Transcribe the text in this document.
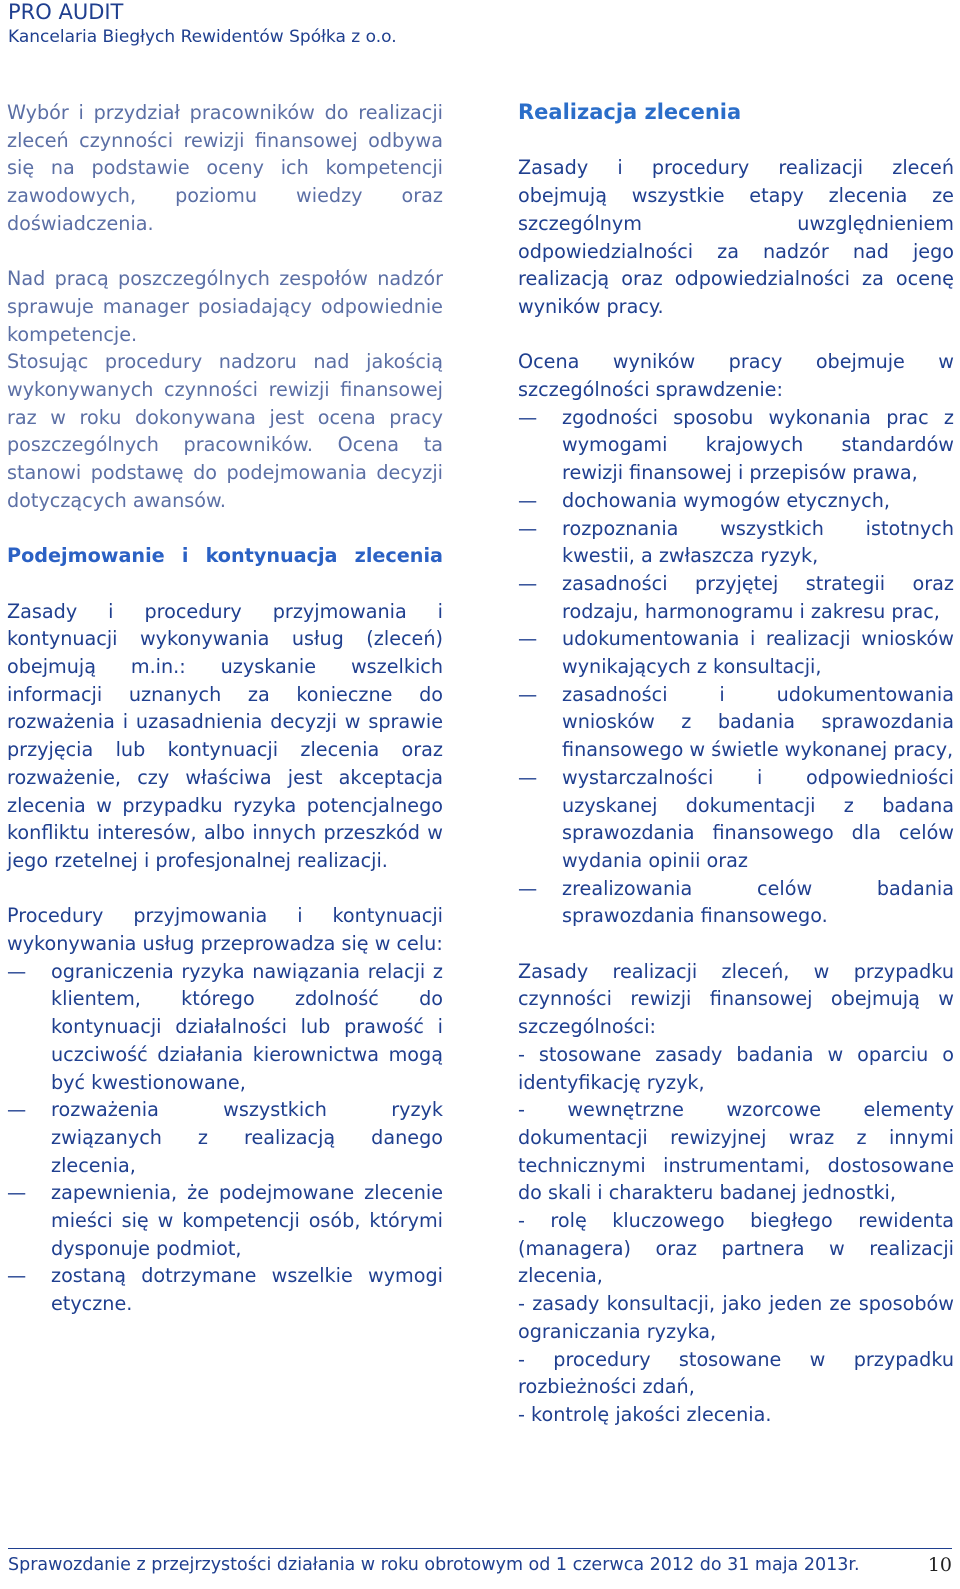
PRO AUDIT
Kancelaria Biegłych Rewidentów Spółka z o.o.

Wybór i przydział pracowników do realizacji zleceń czynności rewizji finansowej odbywa się na podstawie oceny ich kompetencji zawodowych, poziomu wiedzy oraz doświadczenia.

Nad pracą poszczególnych zespołów nadzór sprawuje manager posiadający odpowiednie kompetencje.

Stosując procedury nadzoru nad jakością wykonywanych czynności rewizji finansowej raz w roku dokonywana jest ocena pracy poszczególnych pracowników. Ocena ta stanowi podstawę do podejmowania decyzji dotyczących awansów.

Podejmowanie i kontynuacja zlecenia

Zasady i procedury przyjmowania i kontynuacji wykonywania usług (zleceń) obejmują m.in.: uzyskanie wszelkich informacji uznanych za konieczne do rozważenia i uzasadnienia decyzji w sprawie przyjęcia lub kontynuacji zlecenia oraz rozważenie, czy właściwa jest akceptacja zlecenia w przypadku ryzyka potencjalnego konfliktu interesów, albo innych przeszkód w jego rzetelnej i profesjonalnej realizacji.

Procedury przyjmowania i kontynuacji wykonywania usług przeprowadza się w celu:

—	ograniczenia ryzyka nawiązania relacji z klientem, którego zdolność do kontynuacji działalności lub prawość i uczciwość działania kierownictwa mogą być kwestionowane,
—	rozważenia wszystkich ryzyk związanych z realizacją danego zlecenia,
—	zapewnienia, że podejmowane zlecenie mieści się w kompetencji osób, którymi dysponuje podmiot,
—	zostaną dotrzymane wszelkie wymogi etyczne.

Realizacja zlecenia

Zasady i procedury realizacji zleceń obejmują wszystkie etapy zlecenia ze szczególnym uwzględnieniem odpowiedzialności za nadzór nad jego realizacją oraz odpowiedzialności za ocenę wyników pracy.

Ocena wyników pracy obejmuje w szczególności sprawdzenie:

—	zgodności sposobu wykonania prac z wymogami krajowych standardów rewizji finansowej i przepisów prawa,
—	dochowania wymogów etycznych,
—	rozpoznania wszystkich istotnych kwestii, a zwłaszcza ryzyk,
—	zasadności przyjętej strategii oraz rodzaju, harmonogramu i zakresu prac,
—	udokumentowania i realizacji wniosków wynikających z konsultacji,
—	zasadności i udokumentowania wniosków z badania sprawozdania finansowego w świetle wykonanej pracy,
—	wystarczalności i odpowiedniości uzyskanej dokumentacji z badana sprawozdania finansowego dla celów wydania opinii oraz
—	zrealizowania celów badania sprawozdania finansowego.

Zasady realizacji zleceń, w przypadku czynności rewizji finansowej obejmują w szczególności:

- stosowane zasady badania w oparciu o identyfikację ryzyk,

- wewnętrzne wzorcowe elementy dokumentacji rewizyjnej wraz z innymi technicznymi instrumentami, dostosowane do skali i charakteru badanej jednostki,

- rolę kluczowego biegłego rewidenta (managera) oraz partnera w realizacji zlecenia,

- zasady konsultacji, jako jeden ze sposobów ograniczania ryzyka,

- procedury stosowane w przypadku rozbieżności zdań,

- kontrolę jakości zlecenia.

Sprawozdanie z przejrzystości działania w roku obrotowym od 1 czerwca 2012 do 31 maja 2013r.	10
